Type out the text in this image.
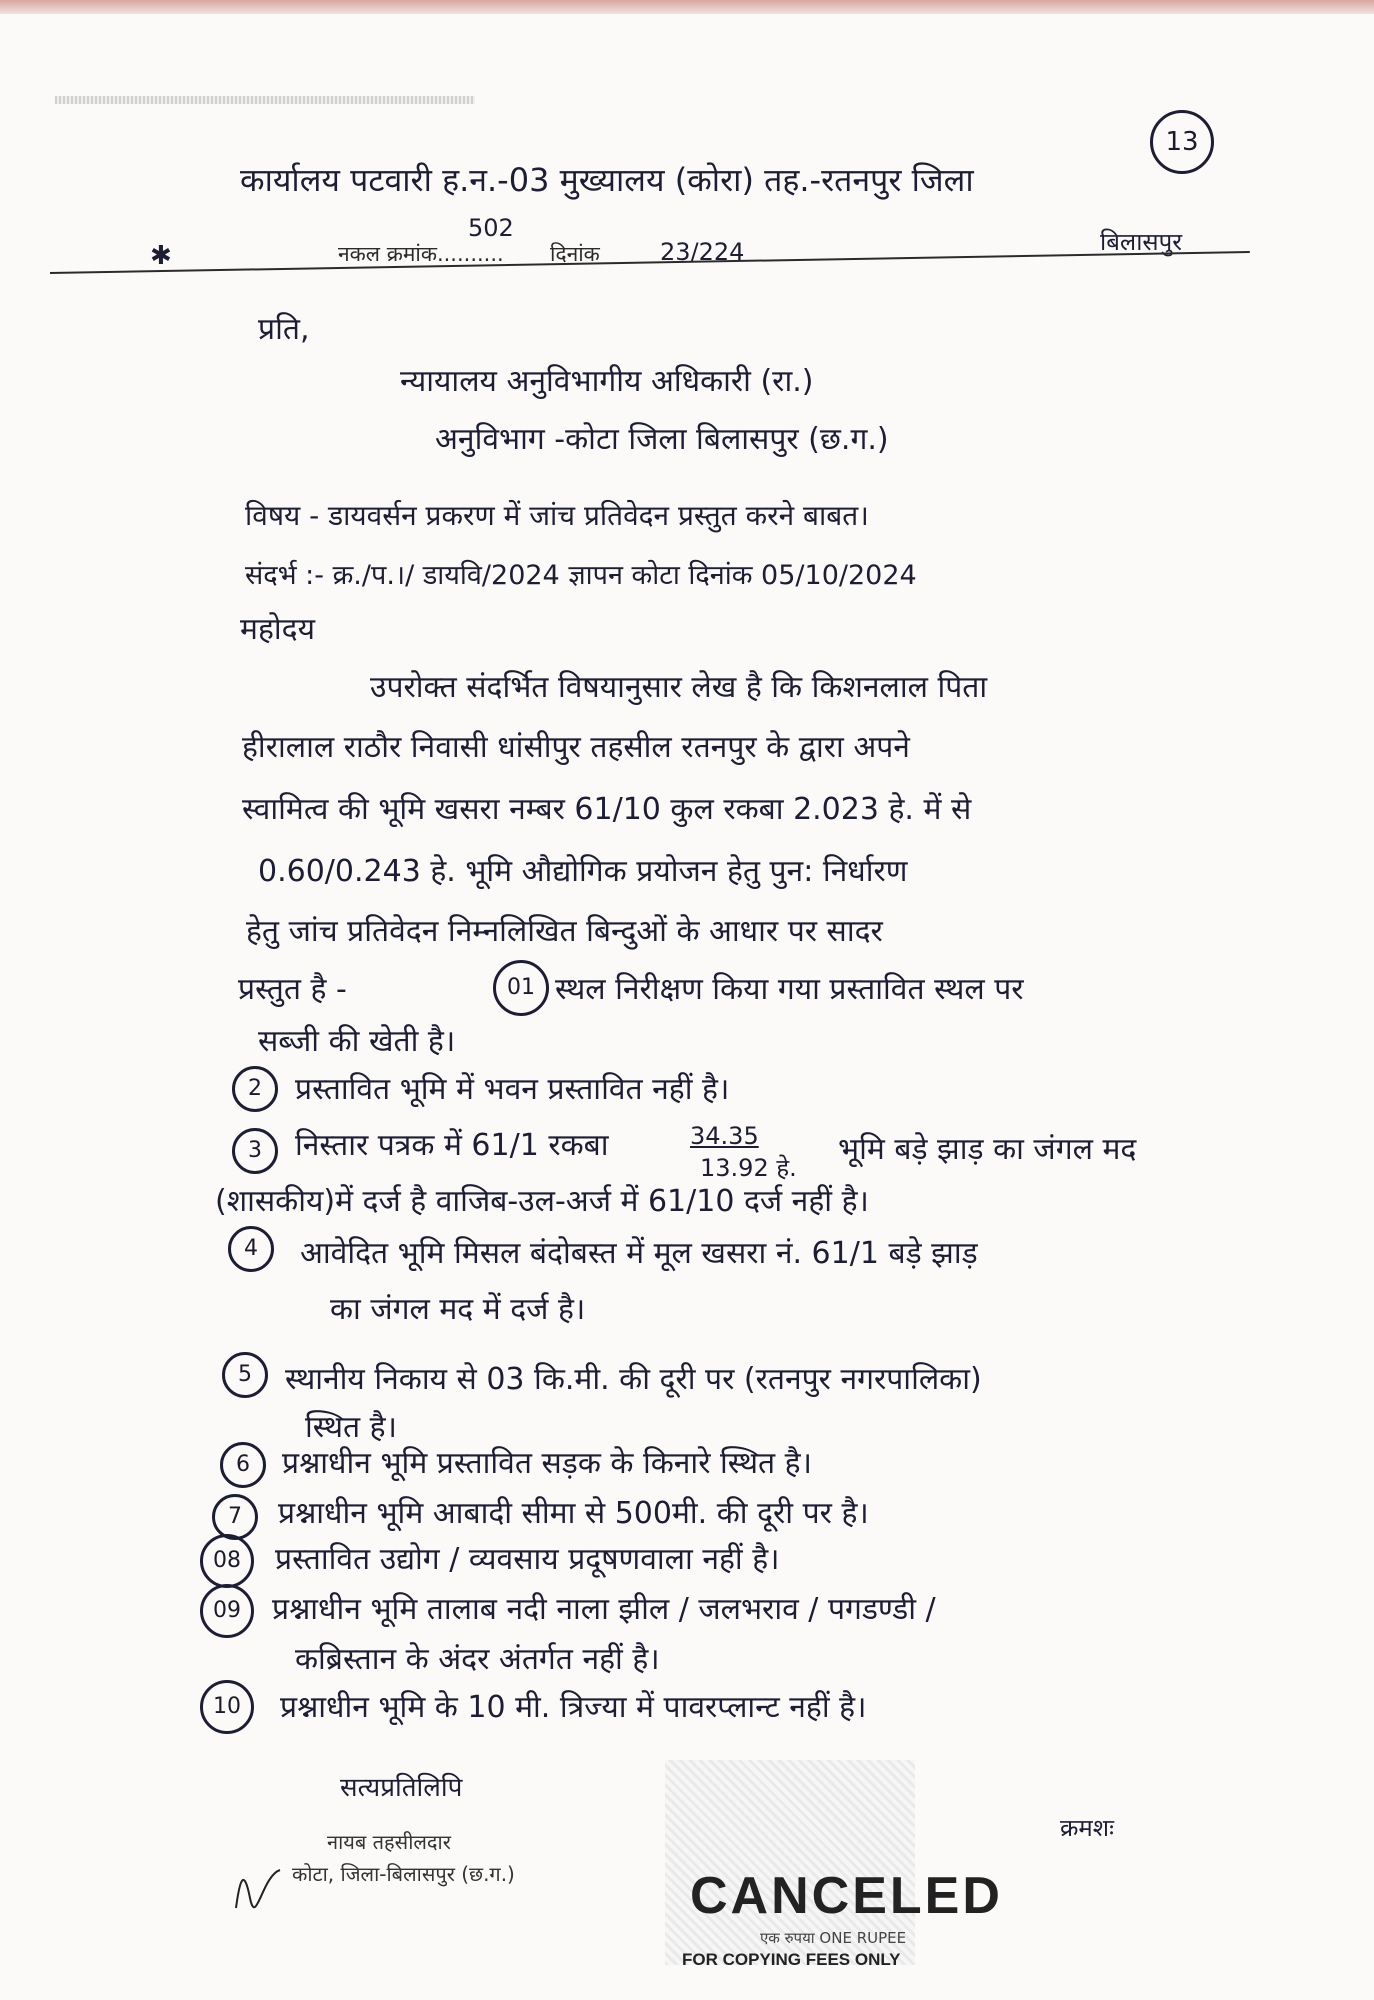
कार्यालय पटवारी ह.न.-03 मुख्यालय (कोरा) तह.-रतनपुर जिला
13
बिलासपुर
✱	नकल क्रमांक..........
502
दिनांक	23/224
प्रति,
न्यायालय अनुविभागीय अधिकारी (रा.)
अनुविभाग -कोटा जिला बिलासपुर (छ.ग.)
विषय - डायवर्सन प्रकरण में जांच प्रतिवेदन प्रस्तुत करने बाबत।
संदर्भ :- क्र./प.।/ डायवि/2024 ज्ञापन कोटा दिनांक 05/10/2024
महोदय
उपरोक्त संदर्भित विषयानुसार लेख है कि किशनलाल पिता
हीरालाल राठौर निवासी धांसीपुर तहसील रतनपुर के द्वारा अपने
स्वामित्व की भूमि खसरा नम्बर 61/10 कुल रकबा 2.023 हे. में से
0.60/0.243 हे. भूमि औद्योगिक प्रयोजन हेतु पुन: निर्धारण
हेतु जांच प्रतिवेदन निम्नलिखित बिन्दुओं के आधार पर सादर
प्रस्तुत है -	01 स्थल निरीक्षण किया गया प्रस्तावित स्थल पर
सब्जी की खेती है।
2	प्रस्तावित भूमि में भवन प्रस्तावित नहीं है।
3	निस्तार पत्रक में 61/1 रकबा	34.35
13.92 हे.
भूमि बड़े झाड़ का जंगल मद
(शासकीय)में दर्ज है वाजिब-उल-अर्ज में 61/10 दर्ज नहीं है।
4	आवेदित भूमि मिसल बंदोबस्त में मूल खसरा नं. 61/1 बड़े झाड़
का जंगल मद में दर्ज है।
5	स्थानीय निकाय से 03 कि.मी. की दूरी पर (रतनपुर नगरपालिका)
स्थित है।
6	प्रश्नाधीन भूमि प्रस्तावित सड़क के किनारे स्थित है।
7	प्रश्नाधीन भूमि आबादी सीमा से 500मी. की दूरी पर है।
08	प्रस्तावित उद्योग / व्यवसाय प्रदूषणवाला नहीं है।
09	प्रश्नाधीन भूमि तालाब नदी नाला झील / जलभराव / पगडण्डी /
कब्रिस्तान के अंदर अंतर्गत नहीं है।
10	प्रश्नाधीन भूमि के 10 मी. त्रिज्या में पावरप्लान्ट नहीं है।
सत्यप्रतिलिपि
क्रमशः
नायब तहसीलदार
कोटा, जिला-बिलासपुर (छ.ग.)	CANCELED
एक रुपया ONE RUPEE
FOR COPYING FEES ONLY
